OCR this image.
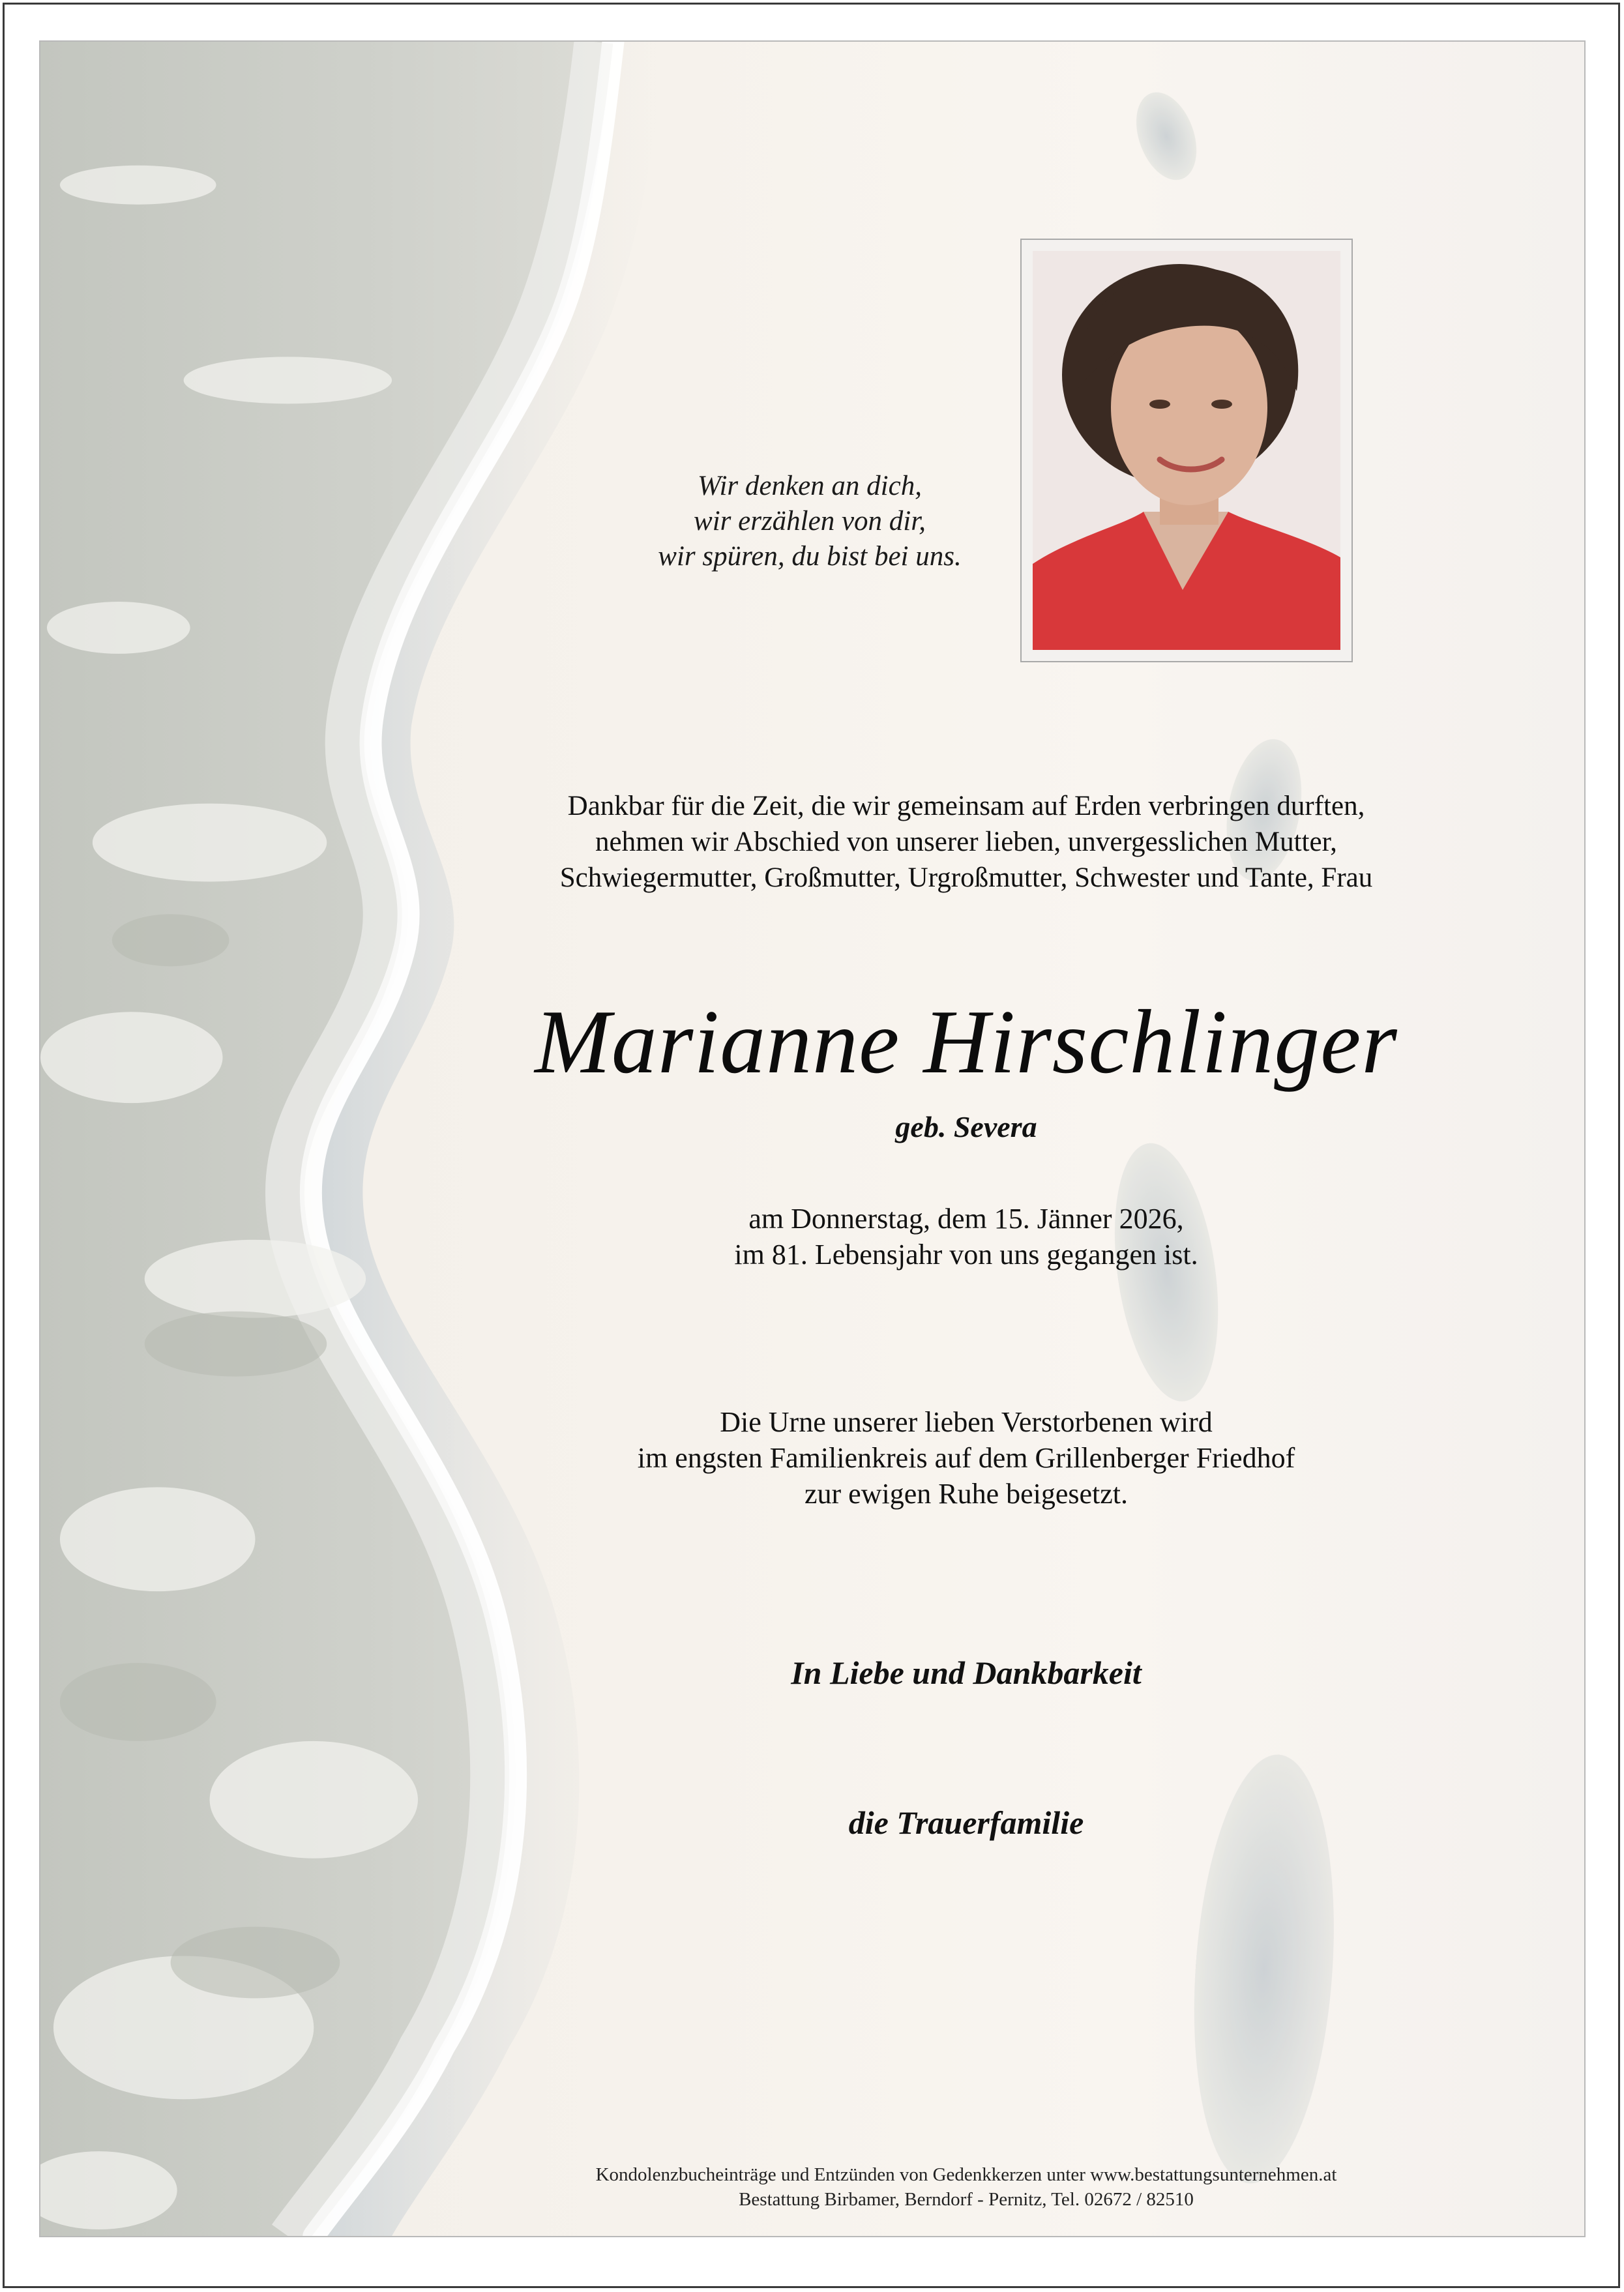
Wir denken an dich,
wir erzählen von dir,
wir spüren, du bist bei uns.
Dankbar für die Zeit, die wir gemeinsam auf Erden verbringen durften,
nehmen wir Abschied von unserer lieben, unvergesslichen Mutter,
Schwiegermutter, Großmutter, Urgroßmutter, Schwester und Tante, Frau
Marianne Hirschlinger
geb. Severa
am Donnerstag, dem 15. Jänner 2026,
im 81. Lebensjahr von uns gegangen ist.
Die Urne unserer lieben Verstorbenen wird
im engsten Familienkreis auf dem Grillenberger Friedhof
zur ewigen Ruhe beigesetzt.
In Liebe und Dankbarkeit
die Trauerfamilie
Kondolenzbucheinträge und Entzünden von Gedenkkerzen unter www.bestattungsunternehmen.at
Bestattung Birbamer, Berndorf - Pernitz, Tel. 02672 / 82510
